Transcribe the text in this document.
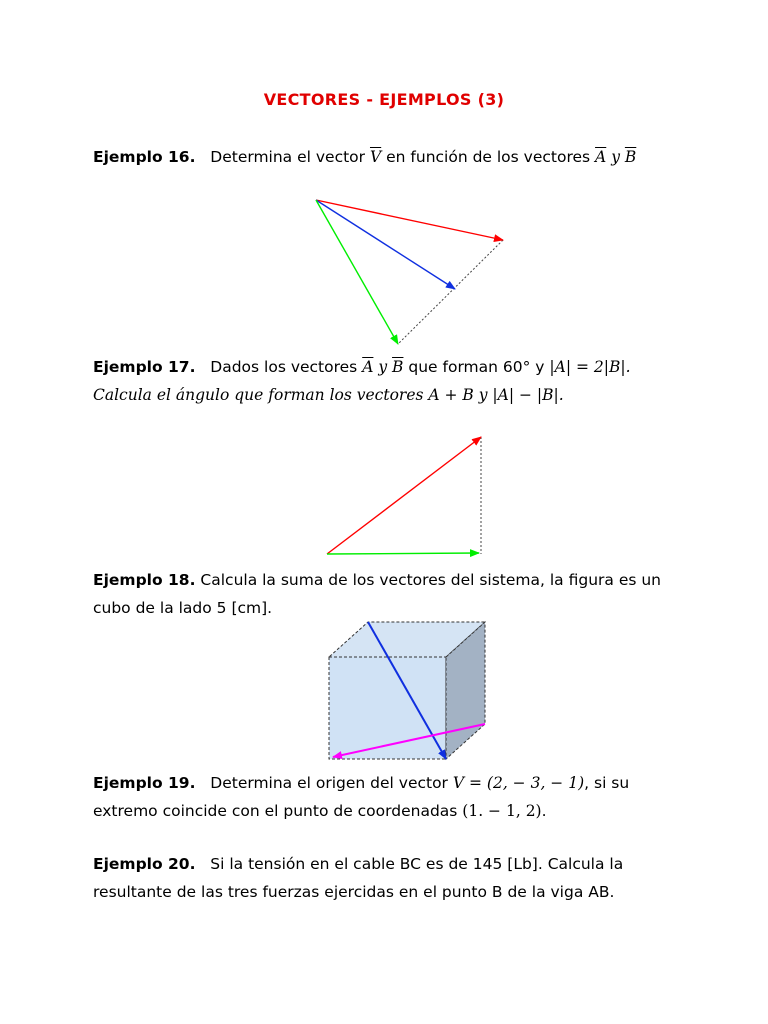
VECTORES - EJEMPLOS (3)
Ejemplo 16. Determina el vector $\overline{V}$ en función de los vectores $\overline{A}$ y $\overline{B}$
Ejemplo 17. Dados los vectores $\overline{A}$ y $\overline{B}$ que forman 60° y |A| = 2|B|.
Calcula el ángulo que forman los vectores A + B y |A| − |B|.
Ejemplo 18. Calcula la suma de los vectores del sistema, la figura es un
cubo de la lado 5 [cm].
Ejemplo 19. Determina el origen del vector V = (2, − 3, − 1), si su
extremo coincide con el punto de coordenadas (1. − 1, 2).
Ejemplo 20. Si la tensión en el cable BC es de 145 [Lb]. Calcula la
resultante de las tres fuerzas ejercidas en el punto B de la viga AB.
